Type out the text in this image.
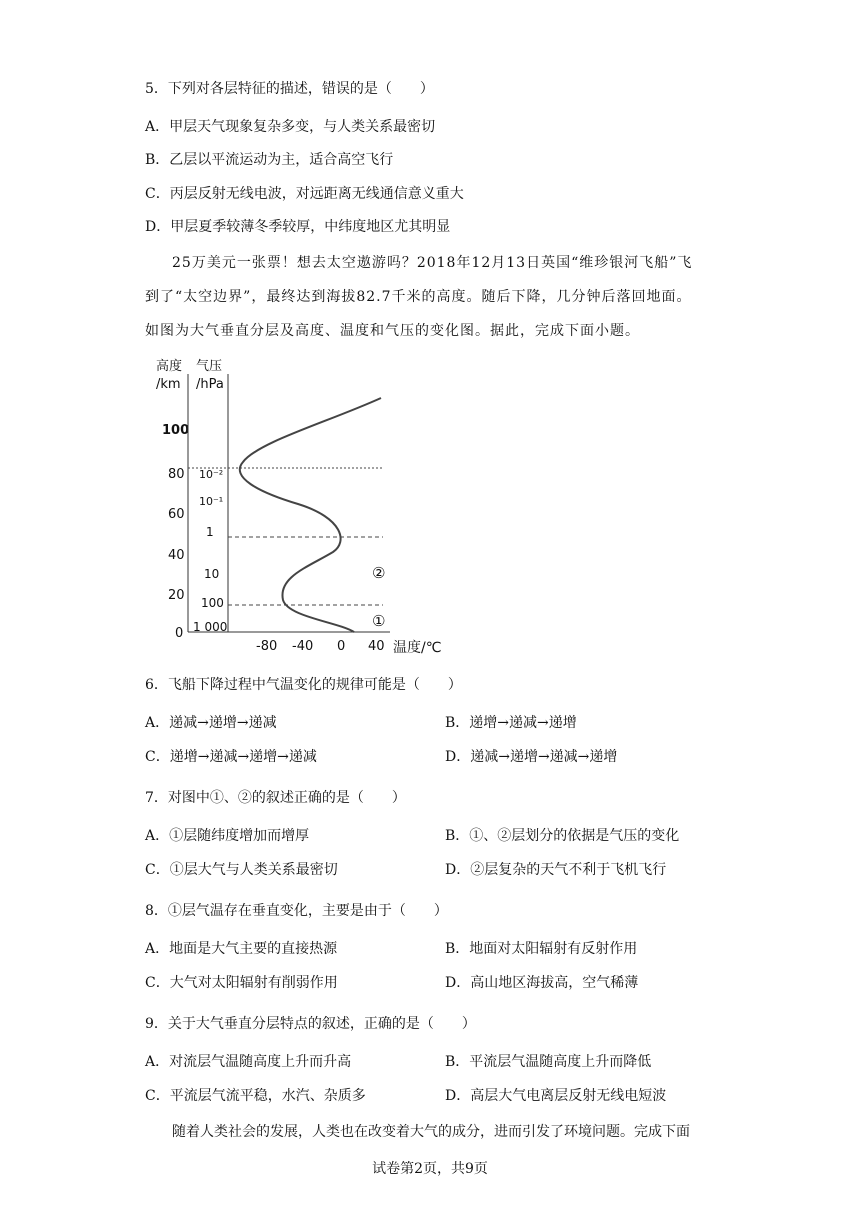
5．下列对各层特征的描述，错误的是（　　）
A．甲层天气现象复杂多变，与人类关系最密切
B．乙层以平流运动为主，适合高空飞行
C．丙层反射无线电波，对远距离无线通信意义重大
D．甲层夏季较薄冬季较厚，中纬度地区尤其明显
25万美元一张票！想去太空遨游吗？2018年12月13日英国“维珍银河飞船”飞
到了“太空边界”，最终达到海拔82.7千米的高度。随后下降，几分钟后落回地面。
如图为大气垂直分层及高度、温度和气压的变化图。据此，完成下面小题。
高度
/km
气压
/hPa
100
80
60
40
20
0
10⁻²
10⁻¹
1
10
100
1 000
-80 -40 0 40 温度/℃
②
①
6．飞船下降过程中气温变化的规律可能是（　　）
A．递减→递增→递减	B．递增→递减→递增
C．递增→递减→递增→递减	D．递减→递增→递减→递增
7．对图中①、②的叙述正确的是（　　）
A．①层随纬度增加而增厚	B．①、②层划分的依据是气压的变化
C．①层大气与人类关系最密切	D．②层复杂的天气不利于飞机飞行
8．①层气温存在垂直变化，主要是由于（　　）
A．地面是大气主要的直接热源	B．地面对太阳辐射有反射作用
C．大气对太阳辐射有削弱作用	D．高山地区海拔高，空气稀薄
9．关于大气垂直分层特点的叙述，正确的是（　　）
A．对流层气温随高度上升而升高	B．平流层气温随高度上升而降低
C．平流层气流平稳，水汽、杂质多	D．高层大气电离层反射无线电短波
随着人类社会的发展，人类也在改变着大气的成分，进而引发了环境问题。完成下面
试卷第2页，共9页
